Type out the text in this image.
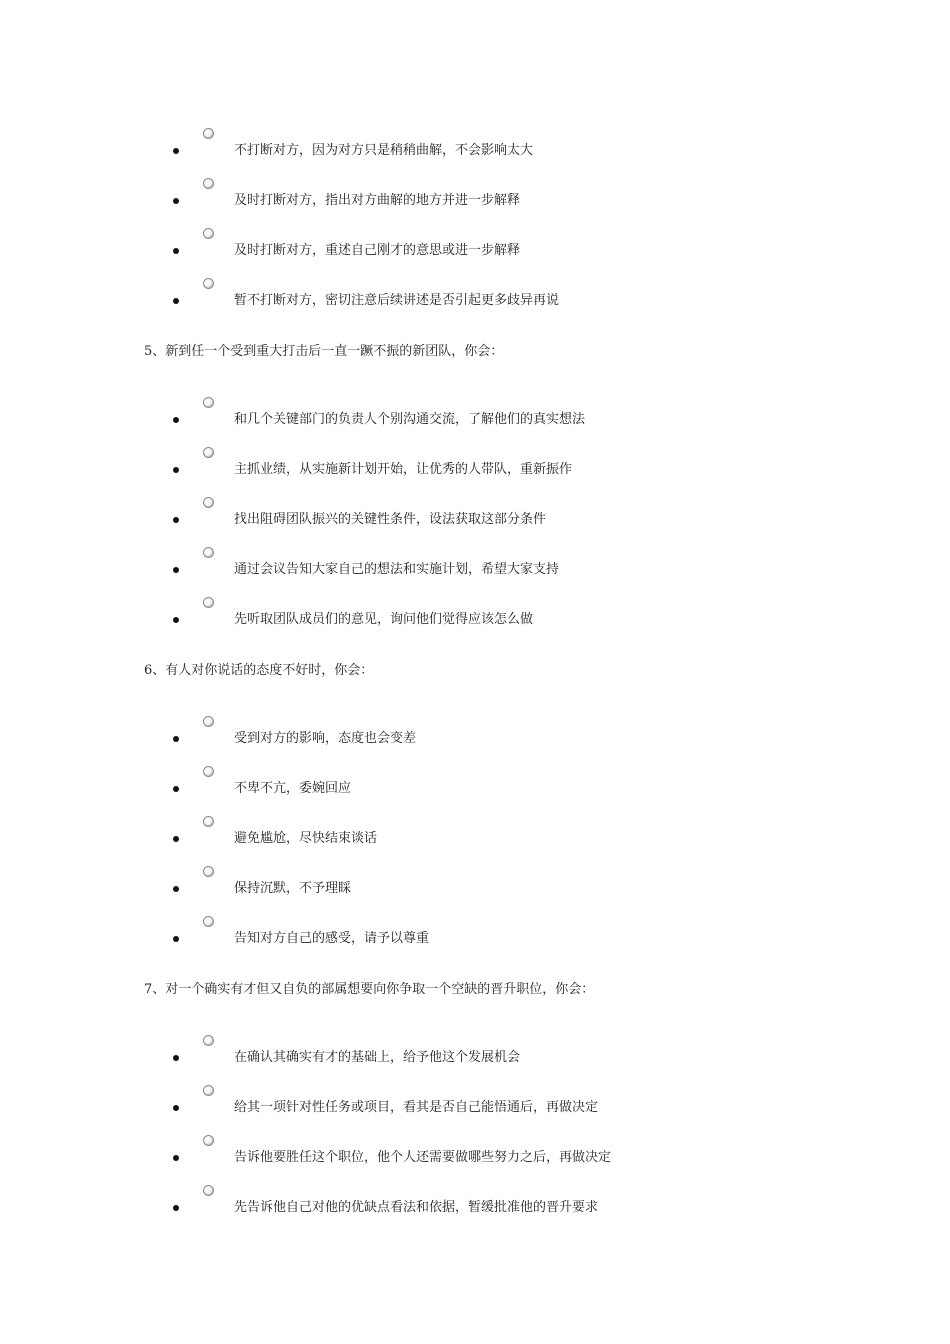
不打断对方，因为对方只是稍稍曲解，不会影响太大
及时打断对方，指出对方曲解的地方并进一步解释
及时打断对方，重述自己刚才的意思或进一步解释
暂不打断对方，密切注意后续讲述是否引起更多歧异再说
5、新到任一个受到重大打击后一直一蹶不振的新团队，你会：
和几个关键部门的负责人个别沟通交流，了解他们的真实想法
主抓业绩，从实施新计划开始，让优秀的人带队，重新振作
找出阻碍团队振兴的关键性条件，设法获取这部分条件
通过会议告知大家自己的想法和实施计划，希望大家支持
先听取团队成员们的意见，询问他们觉得应该怎么做
6、有人对你说话的态度不好时，你会：
受到对方的影响，态度也会变差
不卑不亢，委婉回应
避免尴尬，尽快结束谈话
保持沉默，不予理睬
告知对方自己的感受，请予以尊重
7、对一个确实有才但又自负的部属想要向你争取一个空缺的晋升职位，你会：
在确认其确实有才的基础上，给予他这个发展机会
给其一项针对性任务或项目，看其是否自己能悟通后，再做决定
告诉他要胜任这个职位，他个人还需要做哪些努力之后，再做决定
先告诉他自己对他的优缺点看法和依据，暂缓批准他的晋升要求
